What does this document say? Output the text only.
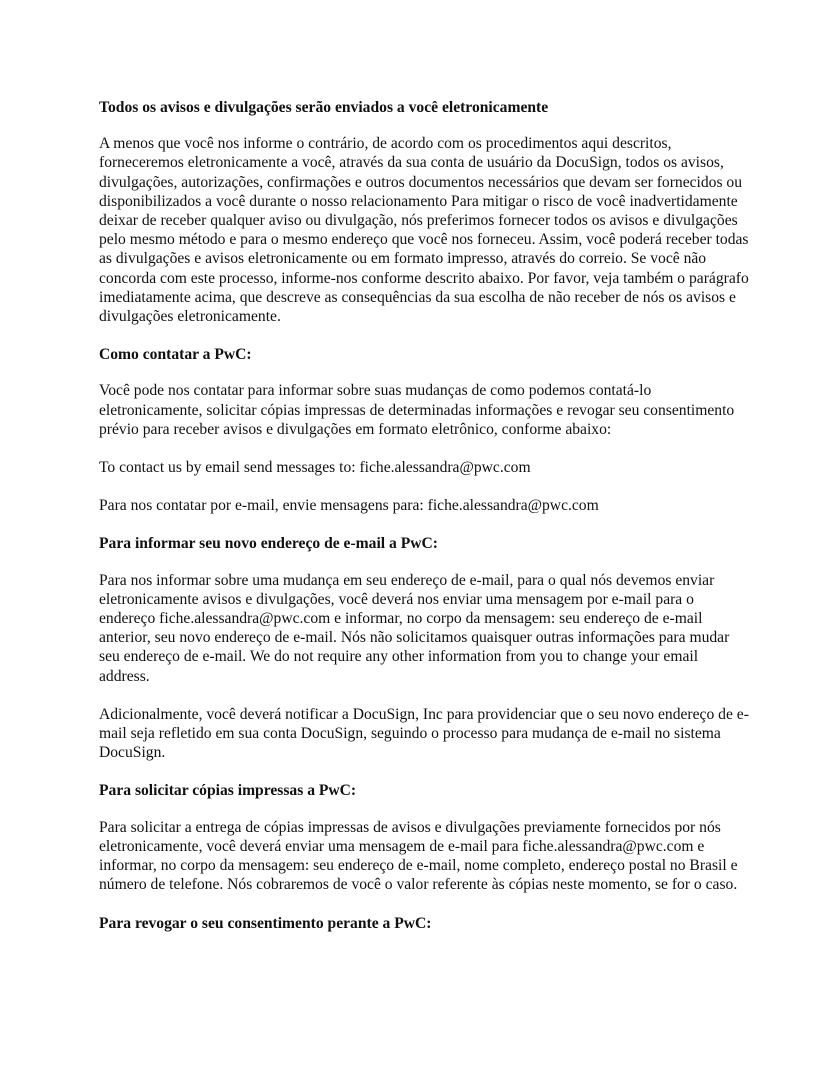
Todos os avisos e divulgações serão enviados a você eletronicamente
A menos que você nos informe o contrário, de acordo com os procedimentos aqui descritos, forneceremos eletronicamente a você, através da sua conta de usuário da DocuSign, todos os avisos, divulgações, autorizações, confirmações e outros documentos necessários que devam ser fornecidos ou disponibilizados a você durante o nosso relacionamento Para mitigar o risco de você inadvertidamente deixar de receber qualquer aviso ou divulgação, nós preferimos fornecer todos os avisos e divulgações pelo mesmo método e para o mesmo endereço que você nos forneceu. Assim, você poderá receber todas as divulgações e avisos eletronicamente ou em formato impresso, através do correio. Se você não concorda com este processo, informe-nos conforme descrito abaixo. Por favor, veja também o parágrafo imediatamente acima, que descreve as consequências da sua escolha de não receber de nós os avisos e divulgações eletronicamente.
Como contatar a PwC:
Você pode nos contatar para informar sobre suas mudanças de como podemos contatá-lo eletronicamente, solicitar cópias impressas de determinadas informações e revogar seu consentimento prévio para receber avisos e divulgações em formato eletrônico, conforme abaixo:
To contact us by email send messages to: fiche.alessandra@pwc.com
Para nos contatar por e-mail, envie mensagens para: fiche.alessandra@pwc.com
Para informar seu novo endereço de e-mail a PwC:
Para nos informar sobre uma mudança em seu endereço de e-mail, para o qual nós devemos enviar eletronicamente avisos e divulgações, você deverá nos enviar uma mensagem por e-mail para o endereço fiche.alessandra@pwc.com e informar, no corpo da mensagem: seu endereço de e-mail anterior, seu novo endereço de e-mail. Nós não solicitamos quaisquer outras informações para mudar seu endereço de e-mail. We do not require any other information from you to change your email address.
Adicionalmente, você deverá notificar a DocuSign, Inc para providenciar que o seu novo endereço de e-mail seja refletido em sua conta DocuSign, seguindo o processo para mudança de e-mail no sistema DocuSign.
Para solicitar cópias impressas a PwC:
Para solicitar a entrega de cópias impressas de avisos e divulgações previamente fornecidos por nós eletronicamente, você deverá enviar uma mensagem de e-mail para fiche.alessandra@pwc.com e informar, no corpo da mensagem: seu endereço de e-mail, nome completo, endereço postal no Brasil e número de telefone. Nós cobraremos de você o valor referente às cópias neste momento, se for o caso.
Para revogar o seu consentimento perante a PwC:
